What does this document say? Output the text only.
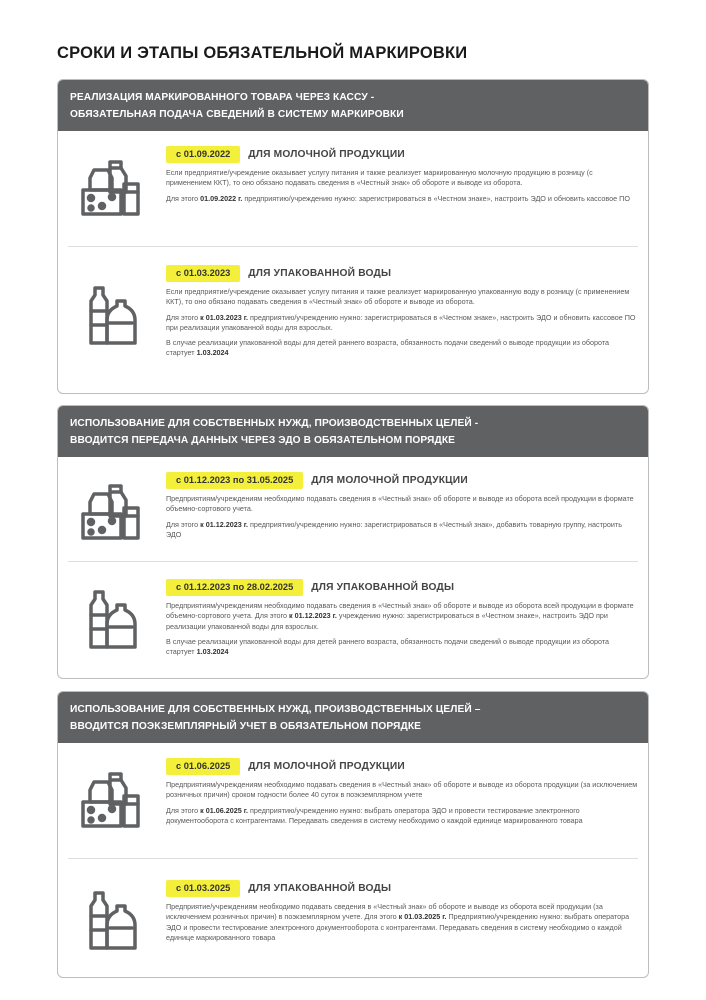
СРОКИ И ЭТАПЫ ОБЯЗАТЕЛЬНОЙ МАРКИРОВКИ
РЕАЛИЗАЦИЯ МАРКИРОВАННОГО ТОВАРА ЧЕРЕЗ КАССУ -
ОБЯЗАТЕЛЬНАЯ ПОДАЧА СВЕДЕНИЙ В СИСТЕМУ МАРКИРОВКИ
с 01.09.2022	ДЛЯ МОЛОЧНОЙ ПРОДУКЦИИ

Если предприятие/учреждение оказывает услугу питания и также реализует маркированную молочную продукцию в розницу (с применением ККТ), то оно обязано подавать сведения в «Честный знак» об обороте и выводе из оборота.

Для этого 01.09.2022 г. предприятию/учреждению нужно: зарегистрироваться в «Честном знаке», настроить ЭДО и обновить кассовое ПО

с 01.03.2023	ДЛЯ УПАКОВАННОЙ ВОДЫ

Если предприятие/учреждение оказывает услугу питания и также реализует маркированную упакованную воду в розницу (с применением ККТ), то оно обязано подавать сведения в «Честный знак» об обороте и выводе из оборота.

Для этого к 01.03.2023 г. предприятию/учреждению нужно: зарегистрироваться в «Честном знаке», настроить ЭДО и обновить кассовое ПО при реализации упакованной воды для взрослых.

В случае реализации упакованной воды для детей раннего возраста, обязанность подачи сведений о выводе продукции из оборота стартует 1.03.2024

ИСПОЛЬЗОВАНИЕ ДЛЯ СОБСТВЕННЫХ НУЖД, ПРОИЗВОДСТВЕННЫХ ЦЕЛЕЙ -
ВВОДИТСЯ ПЕРЕДАЧА ДАННЫХ ЧЕРЕЗ ЭДО В ОБЯЗАТЕЛЬНОМ ПОРЯДКЕ
с 01.12.2023 по 31.05.2025	ДЛЯ МОЛОЧНОЙ ПРОДУКЦИИ

Предприятиям/учреждениям необходимо подавать сведения в «Честный знак» об обороте и выводе из оборота всей продукции в формате объемно-сортового учета.

Для этого к 01.12.2023 г. предприятию/учреждению нужно: зарегистрироваться в «Честный знак», добавить товарную группу, настроить ЭДО

с 01.12.2023 по 28.02.2025	ДЛЯ УПАКОВАННОЙ ВОДЫ

Предприятиям/учреждениям необходимо подавать сведения в «Честный знак» об обороте и выводе из оборота всей продукции в формате объемно-сортового учета. Для этого к 01.12.2023 г. учреждению нужно: зарегистрироваться в «Честном знаке», настроить ЭДО при реализации упакованной воды для взрослых.

В случае реализации упакованной воды для детей раннего возраста, обязанность подачи сведений о выводе продукции из оборота стартует 1.03.2024

ИСПОЛЬЗОВАНИЕ ДЛЯ СОБСТВЕННЫХ НУЖД, ПРОИЗВОДСТВЕННЫХ ЦЕЛЕЙ –
ВВОДИТСЯ ПОЭКЗЕМПЛЯРНЫЙ УЧЕТ В ОБЯЗАТЕЛЬНОМ ПОРЯДКЕ
с 01.06.2025	ДЛЯ МОЛОЧНОЙ ПРОДУКЦИИ

Предприятиям/учреждениям необходимо подавать сведения в «Честный знак» об обороте и выводе из оборота продукции (за исключением розничных причин) сроком годности более 40 суток в поэкземплярном учете

Для этого к 01.06.2025 г. предприятию/учреждению нужно: выбрать оператора ЭДО и провести тестирование электронного документооборота с контрагентами. Передавать сведения в систему необходимо о каждой единице маркированного товара

с 01.03.2025	ДЛЯ УПАКОВАННОЙ ВОДЫ

Предприятие/учреждениям необходимо подавать сведения в «Честный знак» об обороте и выводе из оборота всей продукции (за исключением розничных причин) в поэкземплярном учете. Для этого к 01.03.2025 г. Предприятию/учреждению нужно: выбрать оператора ЭДО и провести тестирование электронного документооборота с контрагентами. Передавать сведения в систему необходимо о каждой единице маркированного товара
